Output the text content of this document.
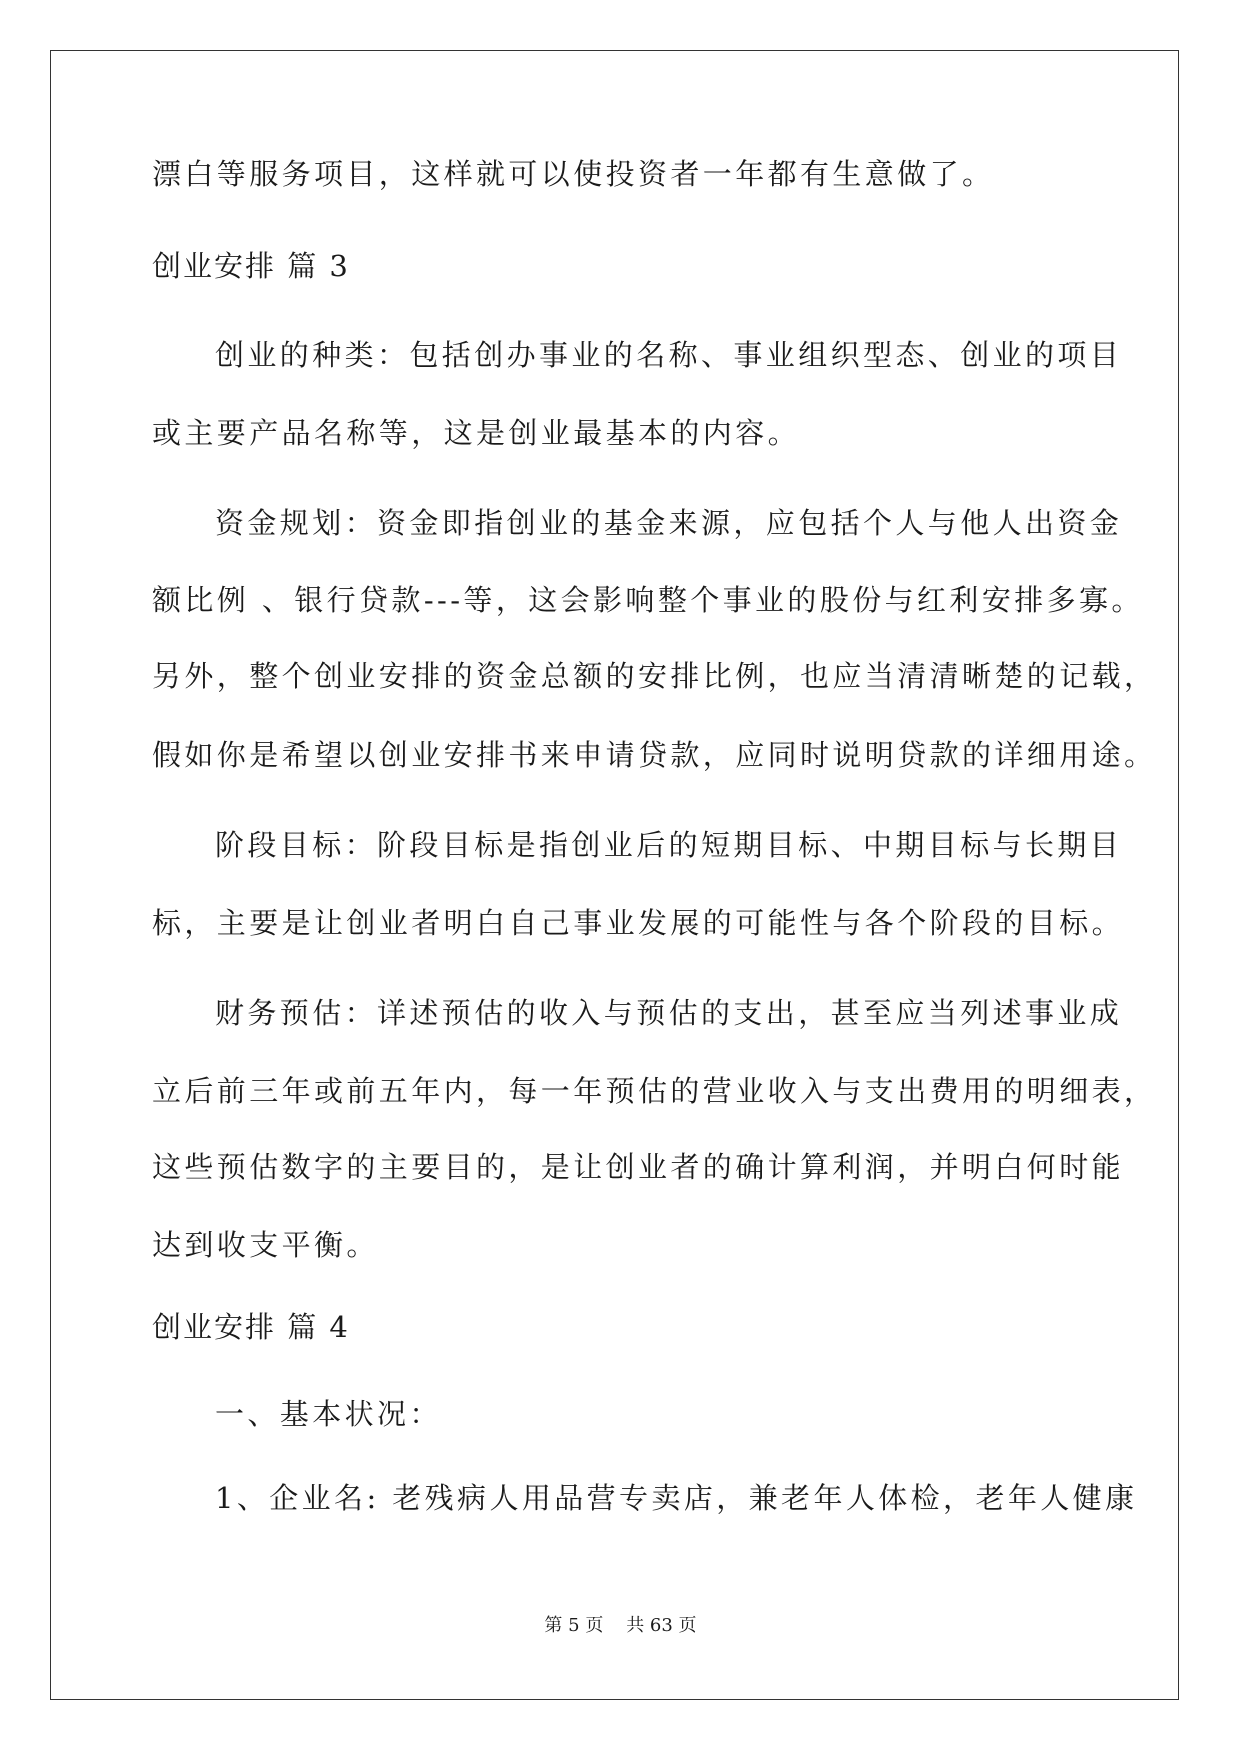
漂白等服务项目，这样就可以使投资者一年都有生意做了。

创业安排 篇 3

创业的种类：包括创办事业的名称、事业组织型态、创业的项目

或主要产品名称等，这是创业最基本的内容。

资金规划：资金即指创业的基金来源，应包括个人与他人出资金

额比例 、银行贷款---等，这会影响整个事业的股份与红利安排多寡。

另外，整个创业安排的资金总额的安排比例，也应当清清晰楚的记载，

假如你是希望以创业安排书来申请贷款，应同时说明贷款的详细用途。

阶段目标：阶段目标是指创业后的短期目标、中期目标与长期目

标，主要是让创业者明白自己事业发展的可能性与各个阶段的目标。

财务预估：详述预估的收入与预估的支出，甚至应当列述事业成

立后前三年或前五年内，每一年预估的营业收入与支出费用的明细表，

这些预估数字的主要目的，是让创业者的确计算利润，并明白何时能

达到收支平衡。

创业安排 篇 4

一、基本状况：

1、企业名: 老残病人用品营专卖店，兼老年人体检，老年人健康

第 5 页    共 63 页
